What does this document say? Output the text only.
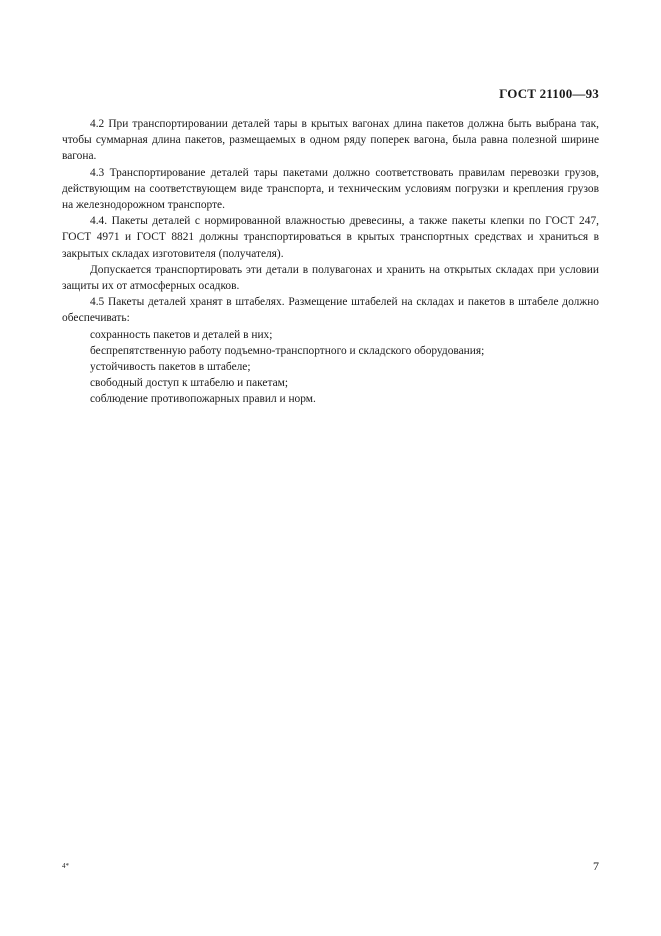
ГОСТ 21100—93

4.2 При транспортировании деталей тары в крытых вагонах длина пакетов должна быть выбрана так, чтобы суммарная длина пакетов, размещаемых в одном ряду поперек вагона, была равна полезной ширине вагона.

4.3 Транспортирование деталей тары пакетами должно соответствовать правилам перевозки грузов, действующим на соответствующем виде транспорта, и техническим условиям погрузки и крепления грузов на железнодорожном транспорте.

4.4. Пакеты деталей с нормированной влажностью древесины, а также пакеты клепки по ГОСТ 247, ГОСТ 4971 и ГОСТ 8821 должны транспортироваться в крытых транспортных средствах и храниться в закрытых складах изготовителя (получателя).

Допускается транспортировать эти детали в полувагонах и хранить на открытых складах при условии защиты их от атмосферных осадков.

4.5 Пакеты деталей хранят в штабелях. Размещение штабелей на складах и пакетов в штабеле должно обеспечивать:

сохранность пакетов и деталей в них;

беспрепятственную работу подъемно-транспортного и складского оборудования;

устойчивость пакетов в штабеле;

свободный доступ к штабелю и пакетам;

соблюдение противопожарных правил и норм.

4*	7
